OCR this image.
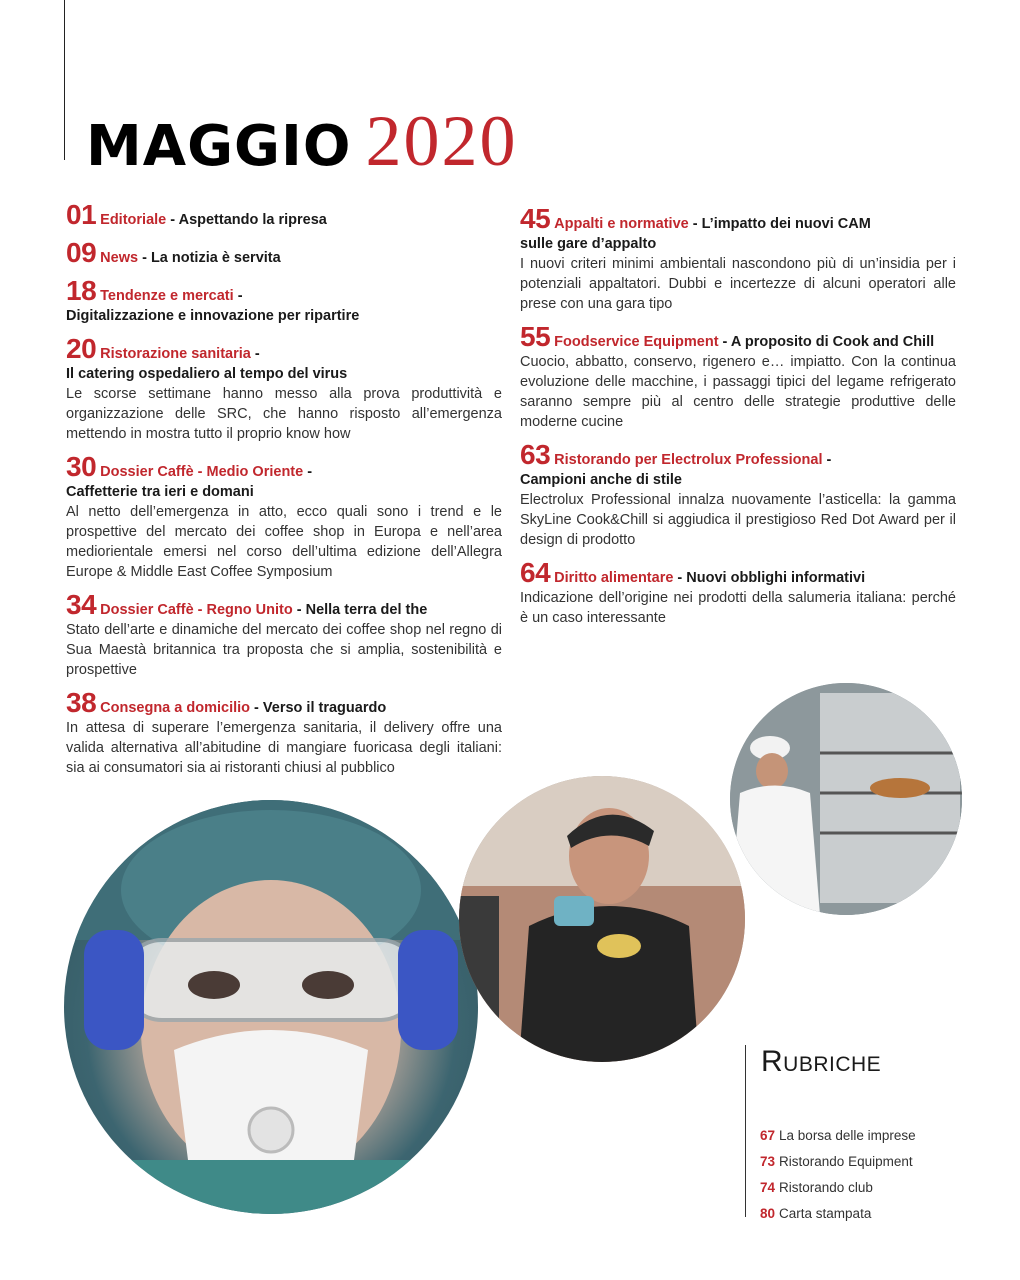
MAGGIO 2020
01 Editoriale - Aspettando la ripresa
09 News - La notizia è servita
18 Tendenze e mercati -
Digitalizzazione e innovazione per ripartire
20 Ristorazione sanitaria -
Il catering ospedaliero al tempo del virus
Le scorse settimane hanno messo alla prova produttività e organizzazione delle SRC, che hanno risposto all’emergenza mettendo in mostra tutto il proprio know how
30 Dossier Caffè - Medio Oriente -
Caffetterie tra ieri e domani
Al netto dell’emergenza in atto, ecco quali sono i trend e le prospettive del mercato dei coffee shop in Europa e nell’area mediorientale emersi nel corso dell’ultima edizione dell’Allegra Europe & Middle East Coffee Symposium
34 Dossier Caffè - Regno Unito - Nella terra del the
Stato dell’arte e dinamiche del mercato dei coffee shop nel regno di Sua Maestà britannica tra proposta che si amplia, sostenibilità e prospettive
38 Consegna a domicilio - Verso il traguardo
In attesa di superare l’emergenza sanitaria, il delivery offre una valida alternativa all’abitudine di mangiare fuoricasa degli italiani: sia ai consumatori sia ai ristoranti chiusi al pubblico
45 Appalti e normative - L’impatto dei nuovi CAM
sulle gare d’appalto
I nuovi criteri minimi ambientali nascondono più di un’insidia per i potenziali appaltatori. Dubbi e incertezze di alcuni operatori alle prese con una gara tipo
55 Foodservice Equipment - A proposito di Cook and Chill
Cuocio, abbatto, conservo, rigenero e… impiatto. Con la continua evoluzione delle macchine, i passaggi tipici del legame refrigerato saranno sempre più al centro delle strategie produttive delle moderne cucine
63 Ristorando per Electrolux Professional -
Campioni anche di stile
Electrolux Professional innalza nuovamente l’asticella: la gamma SkyLine Cook&Chill si aggiudica il prestigioso Red Dot Award per il design di prodotto
64 Diritto alimentare - Nuovi obblighi informativi
Indicazione dell’origine nei prodotti della salumeria italiana: perché è un caso interessante
Rubriche
67 La borsa delle imprese
73 Ristorando Equipment
74 Ristorando club
80 Carta stampata
